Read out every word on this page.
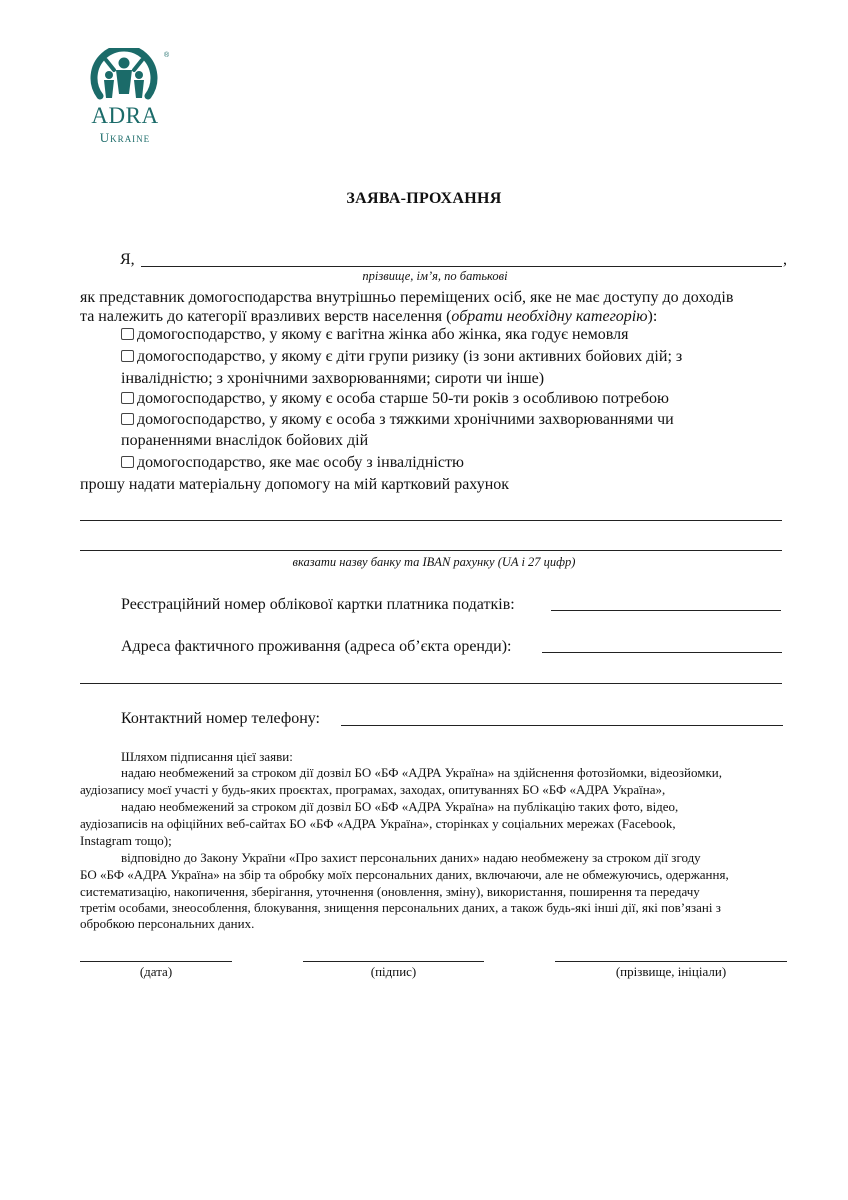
®
ADRA
Ukraine
ЗАЯВА-ПРОХАННЯ
Я,	,
прізвище, ім’я, по батькові
як представник домогосподарства внутрішньо переміщених осіб, яке не має доступу до доходів
та належить до категорії вразливих верств населення (обрати необхідну категорію):
домогосподарство, у якому є вагітна жінка або жінка, яка годує немовля
домогосподарство, у якому є діти групи ризику (із зони активних бойових дій; з
інвалідністю; з хронічними захворюваннями; сироти чи інше)
домогосподарство, у якому є особа старше 50-ти років з особливою потребою
домогосподарство, у якому є особа з тяжкими хронічними захворюваннями чи
пораненнями внаслідок бойових дій
домогосподарство, яке має особу з інвалідністю
прошу надати матеріальну допомогу на мій картковий рахунок
вказати назву банку та IBAN рахунку (UA і 27 цифр)
Реєстраційний номер облікової картки платника податків:
Адреса фактичного проживання (адреса об’єкта оренди):
Контактний номер телефону:
Шляхом підписання цієї заяви:
надаю необмежений за строком дії дозвіл БО «БФ «АДРА Україна» на здійснення фотозйомки, відеозйомки,
аудіозапису моєї участі у будь-яких проєктах, програмах, заходах, опитуваннях БО «БФ «АДРА Україна»,
надаю необмежений за строком дії дозвіл БО «БФ «АДРА Україна» на публікацію таких фото, відео,
аудіозаписів на офіційних веб-сайтах БО «БФ «АДРА Україна», сторінках у соціальних мережах (Facebook,
Instagram тощо);
відповідно до Закону України «Про захист персональних даних» надаю необмежену за строком дії згоду
БО «БФ «АДРА Україна» на збір та обробку моїх персональних даних, включаючи, але не обмежуючись, одержання,
систематизацію, накопичення, зберігання, уточнення (оновлення, зміну), використання, поширення та передачу
третім особами, знеособлення, блокування, знищення персональних даних, а також будь-які інші дії, які пов’язані з
обробкою персональних даних.
(дата)	(підпис)	(прізвище, ініціали)
